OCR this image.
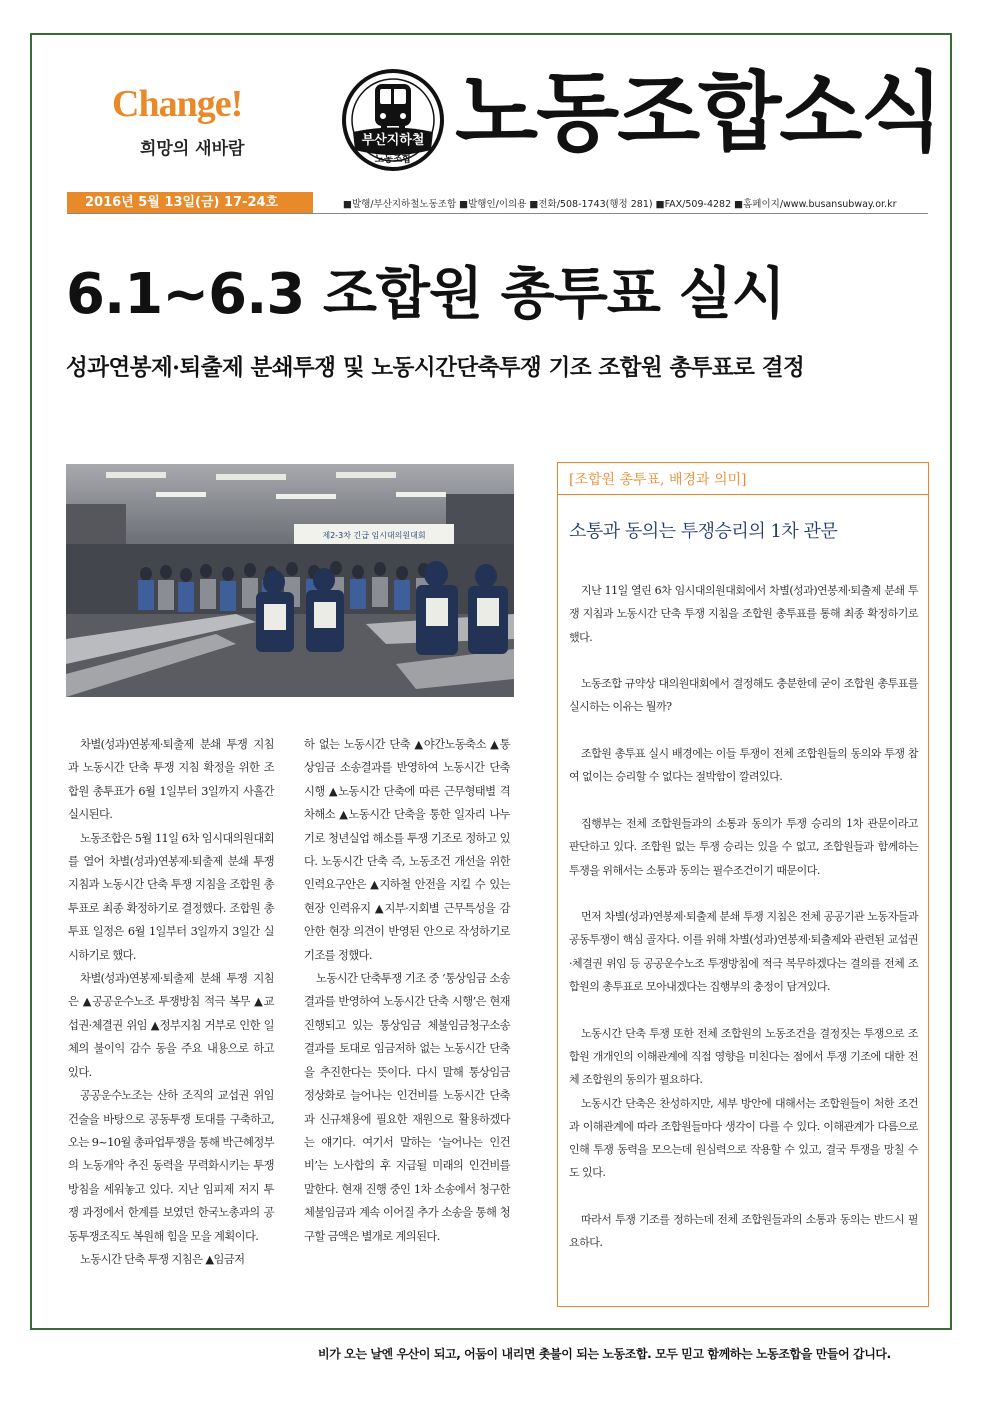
Change!
희망의 새바람	부산지하철
노동조합 노동조합소식
2016년 5월 13일(금) 17-24호	■발행/부산지하철노동조합 ■발행인/이의용 ■전화/508-1743(행정 281) ■FAX/509-4282 ■홈페이지/www.busansubway.or.kr
6.1~6.3 조합원 총투표 실시
성과연봉제·퇴출제 분쇄투쟁 및 노동시간단축투쟁 기조 조합원 총투표로 결정
제2-3차 긴급 임시대의원대회

차별(성과)연봉제·퇴출제 분쇄 투쟁 지침과 노동시간 단축 투쟁 지침 확정을 위한 조합원 총투표가 6월 1일부터 3일까지 사흘간 실시된다.

노동조합은 5월 11일 6차 임시대의원대회를 열어 차별(성과)연봉제·퇴출제 분쇄 투쟁 지침과 노동시간 단축 투쟁 지침을 조합원 총투표로 최종 확정하기로 결정했다. 조합원 총투표 일정은 6월 1일부터 3일까지 3일간 실시하기로 했다.

차별(성과)연봉제·퇴출제 분쇄 투쟁 지침은 ▲공공운수노조 투쟁방침 적극 복무 ▲교섭권·체결권 위임 ▲정부지침 거부로 인한 일체의 불이익 감수 동을 주요 내용으로 하고 있다.

공공운수노조는 산하 조직의 교섭권 위임건술을 바탕으로 공동투쟁 토대를 구축하고, 오는 9~10월 총파업투쟁을 통해 박근혜정부의 노동개악 추진 동력을 무력화시키는 투쟁방침을 세워놓고 있다. 지난 임피제 저지 투쟁 과정에서 한계를 보였던 한국노총과의 공동투쟁조직도 복원해 힘을 모을 계획이다.

노동시간 단축 투쟁 지침은 ▲임금저

하 없는 노동시간 단축 ▲야간노동축소 ▲통상임금 소송결과를 반영하여 노동시간 단축 시행 ▲노동시간 단축에 따른 근무형태별 격차해소 ▲노동시간 단축을 통한 일자리 나누기로 청년실업 해소를 투쟁 기조로 정하고 있다. 노동시간 단축 즉, 노동조건 개선을 위한 인력요구안은 ▲지하철 안전을 지킬 수 있는 현장 인력유지 ▲지부·지회별 근무특성을 감안한 현장 의견이 반영된 안으로 작성하기로 기조를 정했다.

노동시간 단축투쟁 기조 중 ‘통상임금 소송결과를 반영하여 노동시간 단축 시행’은 현재 진행되고 있는 통상임금 체불임금청구소송 결과를 토대로 임금저하 없는 노동시간 단축을 추진한다는 뜻이다. 다시 말해 통상임금 정상화로 늘어나는 인건비를 노동시간 단축과 신규채용에 필요한 재원으로 활용하겠다는 얘기다. 여기서 말하는 ‘늘어나는 인건비’는 노사합의 후 지급될 미래의 인건비를 말한다. 현재 진행 중인 1차 소송에서 청구한 체불임금과 계속 이어질 추가 소송을 통해 청구할 금액은 별개로 계의된다.

[조합원 총투표, 배경과 의미]
소통과 동의는 투쟁승리의 1차 관문

지난 11일 열린 6차 임시대의원대회에서 차별(성과)연봉제·퇴출제 분쇄 투쟁 지침과 노동시간 단축 투쟁 지침을 조합원 총투표를 통해 최종 확정하기로 했다.

노동조합 규약상 대의원대회에서 결정해도 충분한데 굳이 조합원 총투표를 실시하는 이유는 뭘까?

조합원 총투표 실시 배경에는 이들 투쟁이 전체 조합원들의 동의와 투쟁 참여 없이는 승리할 수 없다는 절박함이 깔려있다.

집행부는 전체 조합원들과의 소통과 동의가 투쟁 승리의 1차 관문이라고 판단하고 있다. 조합원 없는 투쟁 승리는 있을 수 없고, 조합원들과 함께하는 투쟁을 위해서는 소통과 동의는 필수조건이기 때문이다.

먼저 차별(성과)연봉제·퇴출제 분쇄 투쟁 지침은 전체 공공기관 노동자들과 공동투쟁이 핵심 골자다. 이를 위해 차별(성과)연봉제·퇴출제와 관련된 교섭권·체결권 위임 등 공공운수노조 투쟁방침에 적극 복무하겠다는 결의를 전체 조합원의 총투표로 모아내겠다는 집행부의 충정이 담겨있다.

노동시간 단축 투쟁 또한 전체 조합원의 노동조건을 결정짓는 투쟁으로 조합원 개개인의 이해관계에 직접 영향을 미친다는 점에서 투쟁 기조에 대한 전체 조합원의 동의가 필요하다.

노동시간 단축은 찬성하지만, 세부 방안에 대해서는 조합원들이 처한 조건과 이해관계에 따라 조합원들마다 생각이 다를 수 있다. 이해관계가 다름으로 인해 투쟁 동력을 모으는데 원심력으로 작용할 수 있고, 결국 투쟁을 망칠 수도 있다.

따라서 투쟁 기조를 정하는데 전체 조합원들과의 소통과 동의는 반드시 필요하다.

비가 오는 날엔 우산이 되고, 어둠이 내리면 촛불이 되는 노동조합. 모두 믿고 함께하는 노동조합을 만들어 갑니다.
